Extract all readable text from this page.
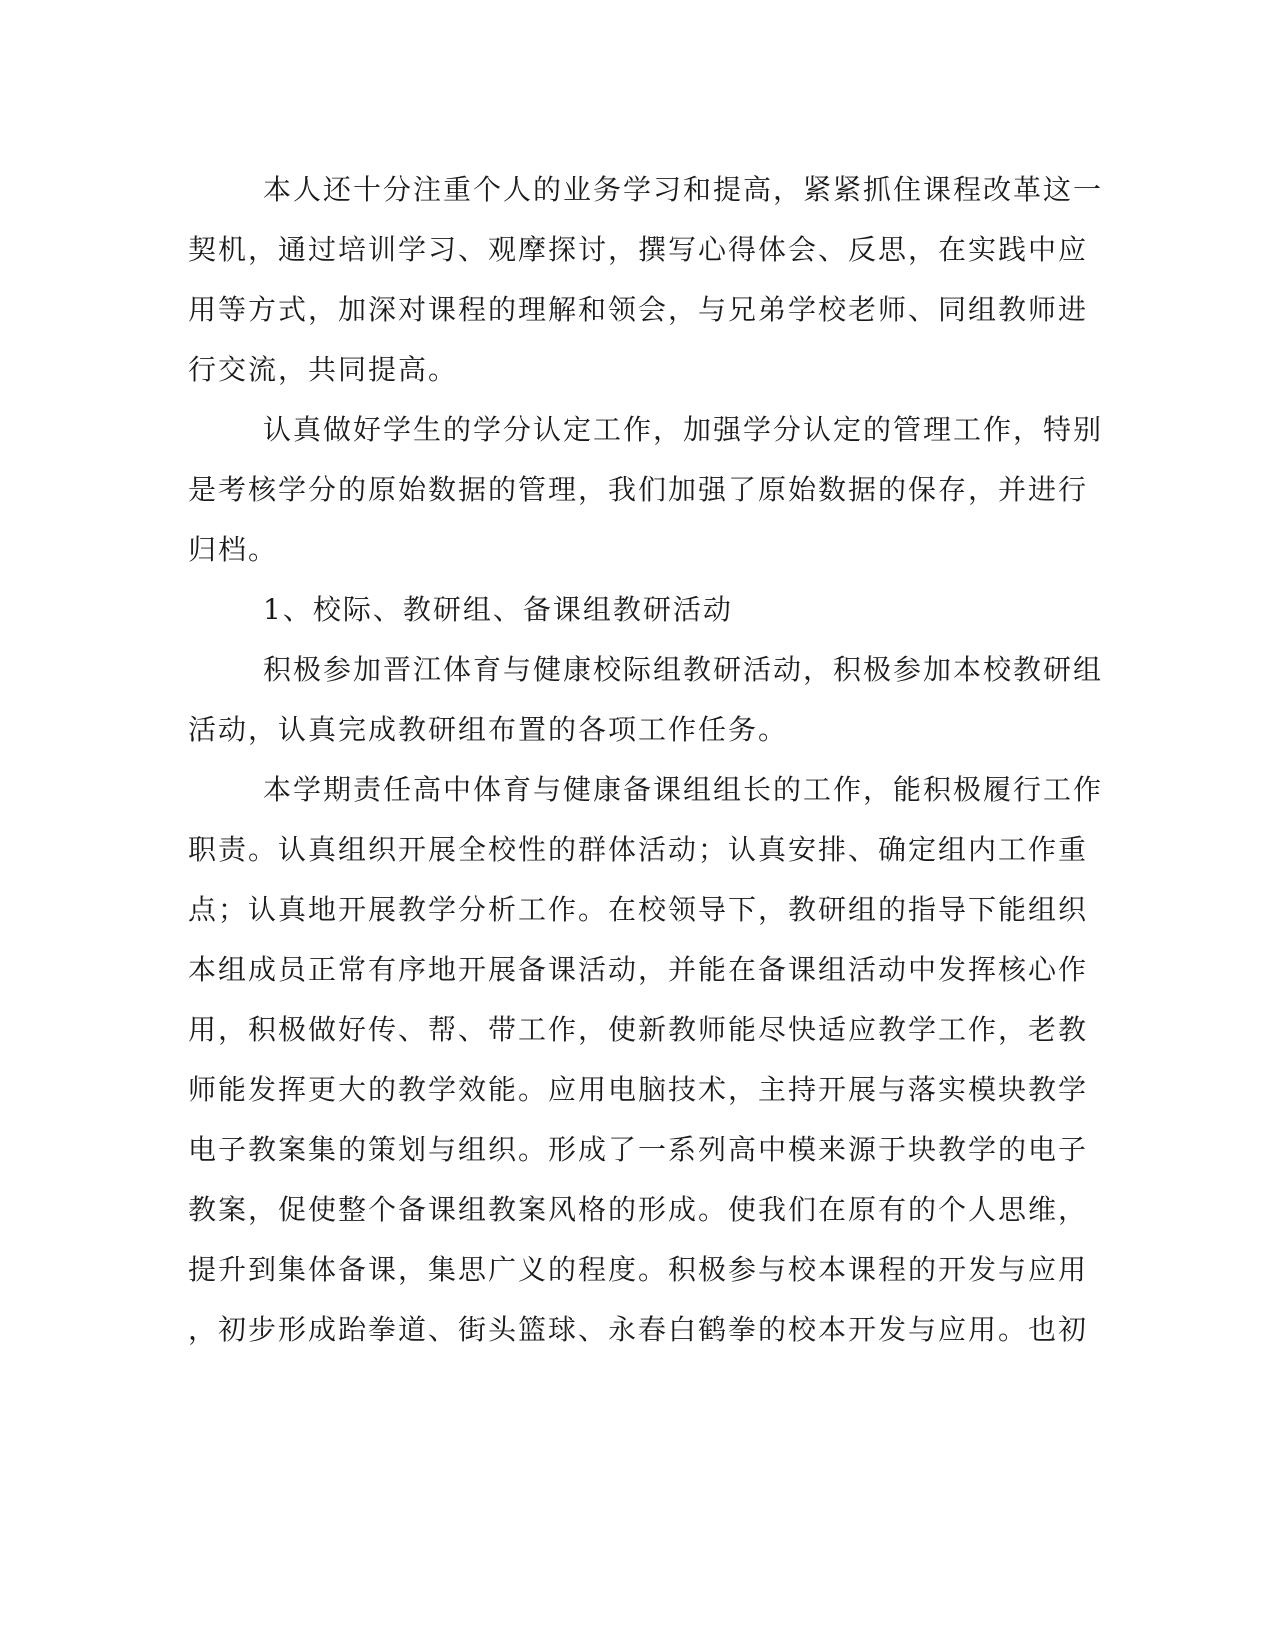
本人还十分注重个人的业务学习和提高，紧紧抓住课程改革这一
契机，通过培训学习、观摩探讨，撰写心得体会、反思，在实践中应
用等方式，加深对课程的理解和领会，与兄弟学校老师、同组教师进
行交流，共同提高。
认真做好学生的学分认定工作，加强学分认定的管理工作，特别
是考核学分的原始数据的管理，我们加强了原始数据的保存，并进行
归档。
1、校际、教研组、备课组教研活动
积极参加晋江体育与健康校际组教研活动，积极参加本校教研组
活动，认真完成教研组布置的各项工作任务。
本学期责任高中体育与健康备课组组长的工作，能积极履行工作
职责。认真组织开展全校性的群体活动；认真安排、确定组内工作重
点；认真地开展教学分析工作。在校领导下，教研组的指导下能组织
本组成员正常有序地开展备课活动，并能在备课组活动中发挥核心作
用，积极做好传、帮、带工作，使新教师能尽快适应教学工作，老教
师能发挥更大的教学效能。应用电脑技术，主持开展与落实模块教学
电子教案集的策划与组织。形成了一系列高中模来源于块教学的电子
教案，促使整个备课组教案风格的形成。使我们在原有的个人思维，
提升到集体备课，集思广义的程度。积极参与校本课程的开发与应用
，初步形成跆拳道、街头篮球、永春白鹤拳的校本开发与应用。也初
